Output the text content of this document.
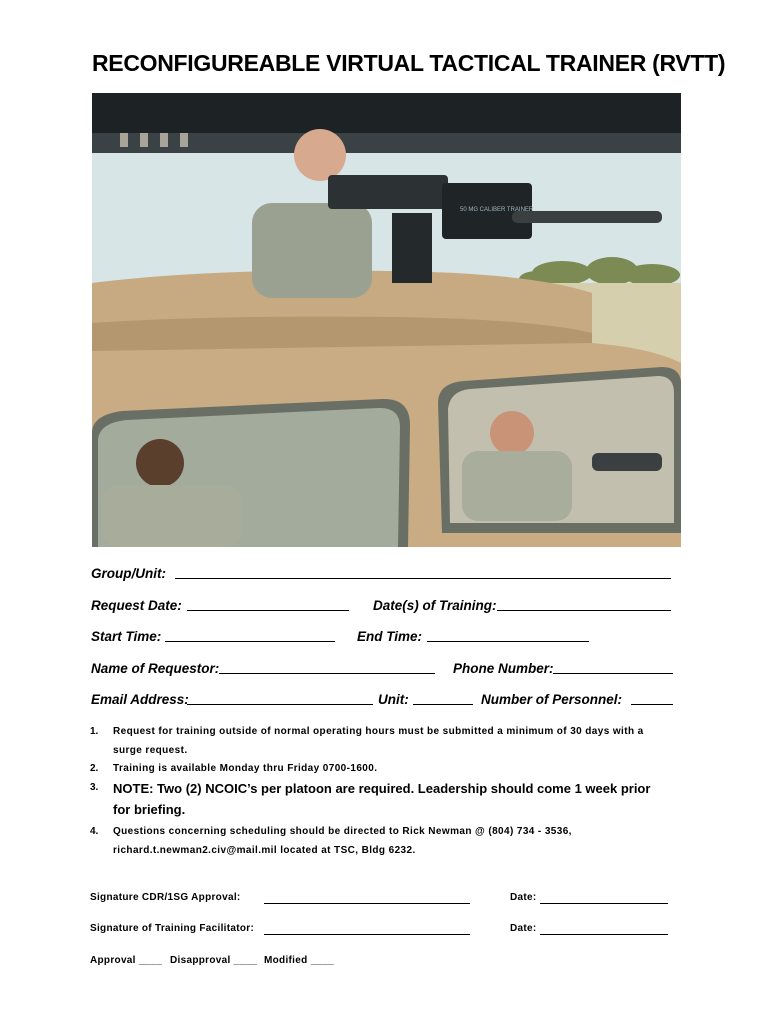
RECONFIGUREABLE VIRTUAL TACTICAL TRAINER (RVTT)
50 MG CALIBER TRAINER
Group/Unit:
Request Date:	Date(s) of Training:
Start Time:	End Time:
Name of Requestor:	Phone Number:
Email Address:	Unit:	Number of Personnel:
1. Request for training outside of normal operating hours must be submitted a minimum of 30 days with a
surge request.
2. Training is available Monday thru Friday 0700-1600.
3. NOTE: Two (2) NCOIC’s per platoon are required. Leadership should come 1 week prior
for briefing.
4. Questions concerning scheduling should be directed to Rick Newman @ (804) 734 - 3536,
richard.t.newman2.civ@mail.mil located at TSC, Bldg 6232.
Signature CDR/1SG Approval:	Date:
Signature of Training Facilitator:	Date:
Approval ____ Disapproval ____ Modified ____
